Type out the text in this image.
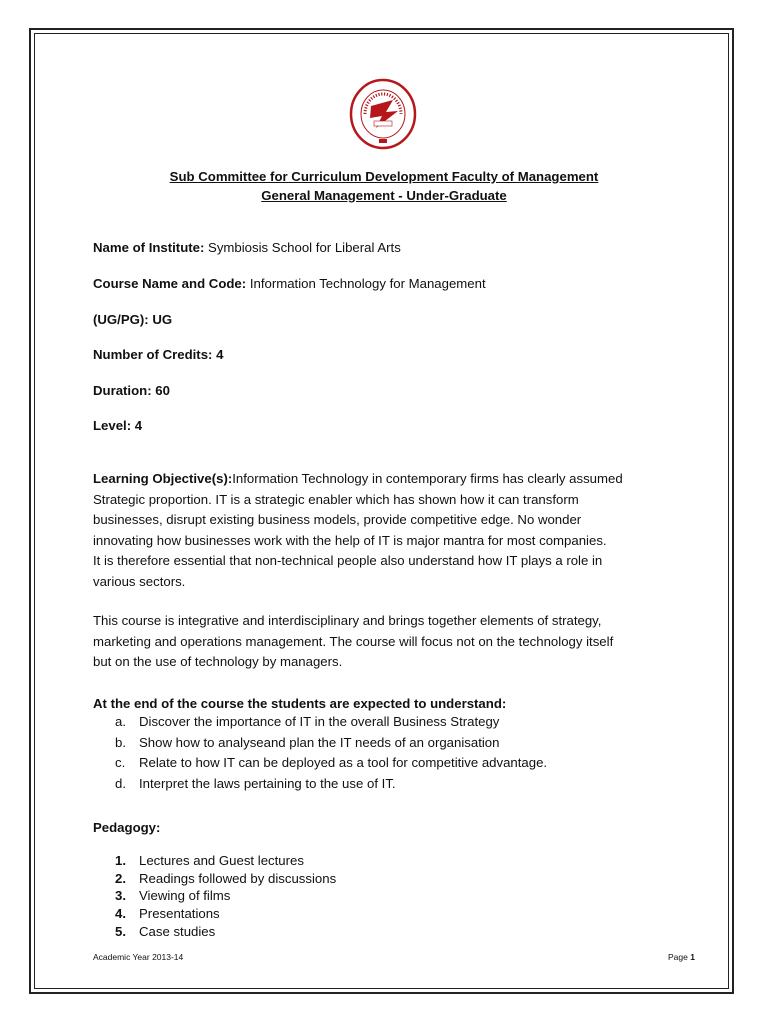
Sub Committee for Curriculum Development Faculty of Management
General Management - Under-Graduate
Name of Institute: Symbiosis School for Liberal Arts
Course Name and Code: Information Technology for Management
(UG/PG): UG
Number of Credits: 4
Duration: 60
Level: 4

Learning Objective(s):Information Technology in contemporary firms has clearly assumed

Strategic proportion. IT is a strategic enabler which has shown how it can transform

businesses, disrupt existing business models, provide competitive edge. No wonder

innovating how businesses work with the help of IT is major mantra for most companies.

It is therefore essential that non-technical people also understand how IT plays a role in

various sectors.

This course is integrative and interdisciplinary and brings together elements of strategy,

marketing and operations management. The course will focus not on the technology itself

but on the use of technology by managers.

At the end of the course the students are expected to understand:
a. Discover the importance of IT in the overall Business Strategy
b. Show how to analyseand plan the IT needs of an organisation
c. Relate to how IT can be deployed as a tool for competitive advantage.
d. Interpret the laws pertaining to the use of IT.
Pedagogy:
1. Lectures and Guest lectures
2. Readings followed by discussions
3. Viewing of films
4. Presentations
5. Case studies
Academic Year 2013-14	Page 1
